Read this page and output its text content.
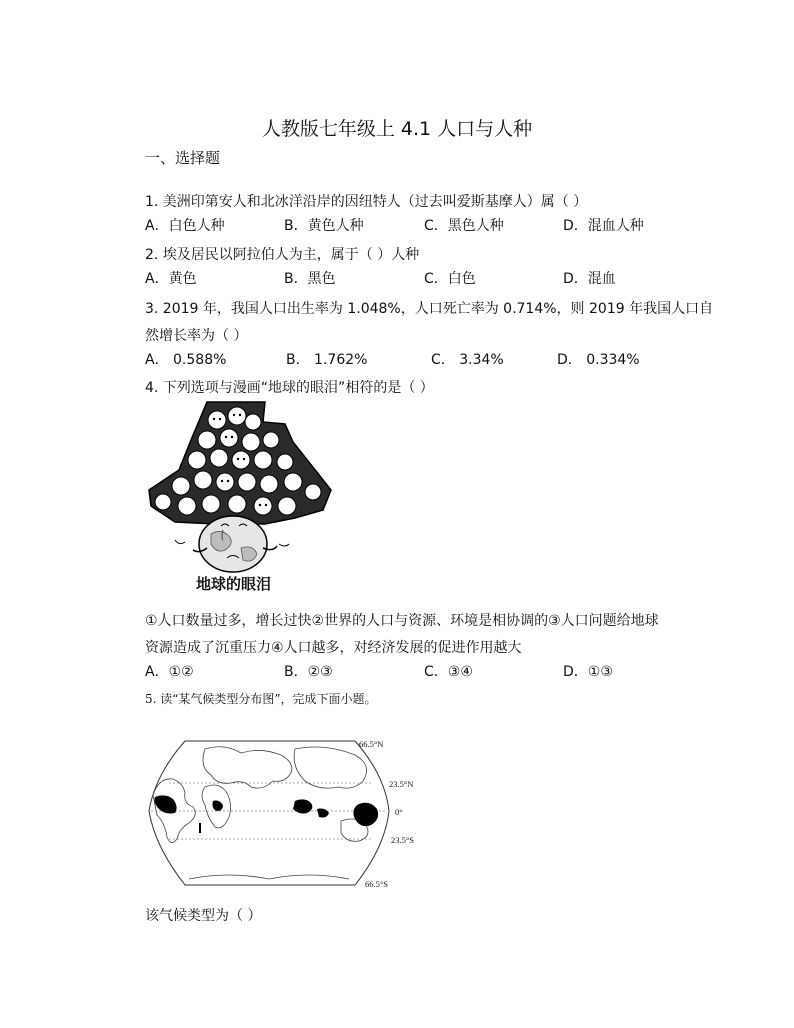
人教版七年级上 4.1 人口与人种
一、选择题
1. 美洲印第安人和北冰洋沿岸的因纽特人（过去叫爱斯基摩人）属（ ）
A．白色人种	B．黄色人种	C．黑色人种	D．混血人种
2. 埃及居民以阿拉伯人为主，属于（ ）人种
A．黄色	B．黑色	C．白色	D．混血
3. 2019 年，我国人口出生率为 1.048%，人口死亡率为 0.714%，则 2019 年我国人口自
然增长率为（ ）
A． 0.588%	B． 1.762%	C． 3.34%	D． 0.334%
4. 下列选项与漫画“地球的眼泪”相符的是（ ）
地球的眼泪
①人口数量过多，增长过快②世界的人口与资源、环境是相协调的③人口问题给地球
资源造成了沉重压力④人口越多，对经济发展的促进作用越大
A．①②	B．②③	C．③④	D．①③
5. 读“某气候类型分布图”，完成下面小题。
66.5°N
23.5°N
0°
23.5°S
66.5°S
该气候类型为（ ）
